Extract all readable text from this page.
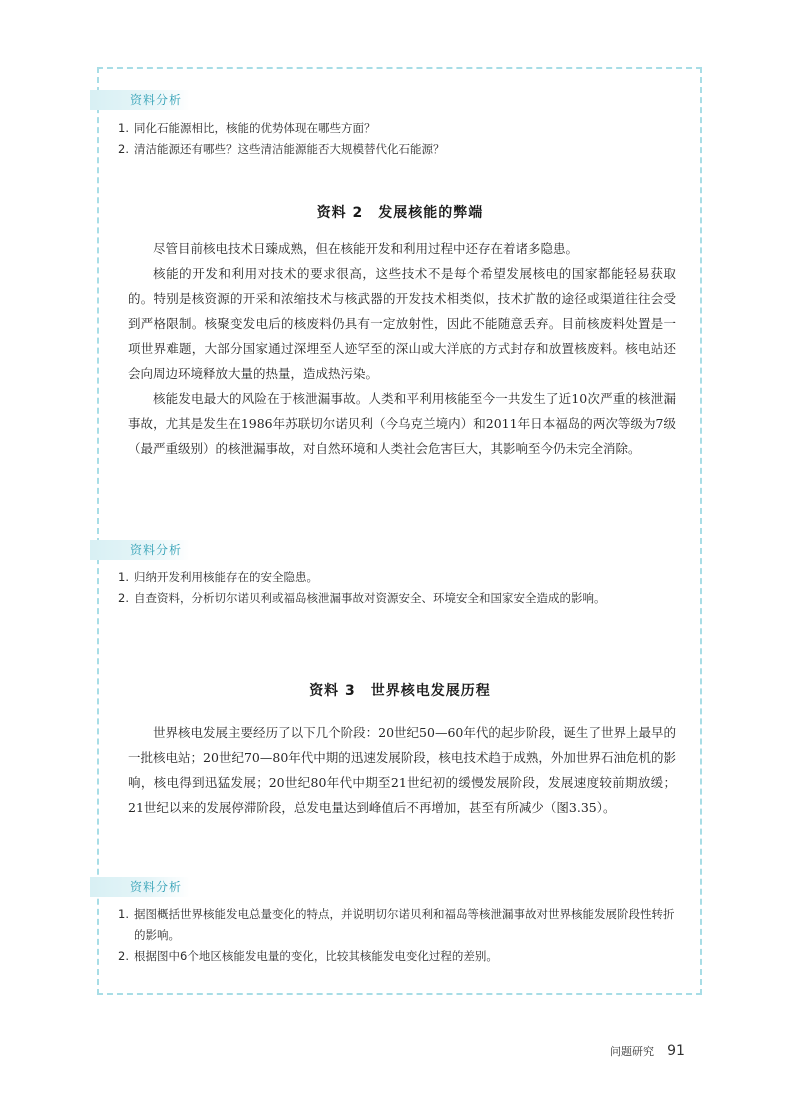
资料分析
1. 同化石能源相比，核能的优势体现在哪些方面？
2. 清洁能源还有哪些？这些清洁能源能否大规模替代化石能源？
资料 2　发展核能的弊端

尽管目前核电技术日臻成熟，但在核能开发和利用过程中还存在着诸多隐患。

核能的开发和利用对技术的要求很高，这些技术不是每个希望发展核电的国家都能轻易获取的。特别是核资源的开采和浓缩技术与核武器的开发技术相类似，技术扩散的途径或渠道往往会受到严格限制。核聚变发电后的核废料仍具有一定放射性，因此不能随意丢弃。目前核废料处置是一项世界难题，大部分国家通过深埋至人迹罕至的深山或大洋底的方式封存和放置核废料。核电站还会向周边环境释放大量的热量，造成热污染。

核能发电最大的风险在于核泄漏事故。人类和平利用核能至今一共发生了近10次严重的核泄漏事故，尤其是发生在1986年苏联切尔诺贝利（今乌克兰境内）和2011年日本福岛的两次等级为7级（最严重级别）的核泄漏事故，对自然环境和人类社会危害巨大，其影响至今仍未完全消除。

资料分析
1. 归纳开发利用核能存在的安全隐患。
2. 自查资料，分析切尔诺贝利或福岛核泄漏事故对资源安全、环境安全和国家安全造成的影响。
资料 3　世界核电发展历程

世界核电发展主要经历了以下几个阶段：20世纪50—60年代的起步阶段，诞生了世界上最早的一批核电站；20世纪70—80年代中期的迅速发展阶段，核电技术趋于成熟，外加世界石油危机的影响，核电得到迅猛发展；20世纪80年代中期至21世纪初的缓慢发展阶段，发展速度较前期放缓；21世纪以来的发展停滞阶段，总发电量达到峰值后不再增加，甚至有所减少（图3.35）。

资料分析
1. 据图概括世界核能发电总量变化的特点，并说明切尔诺贝利和福岛等核泄漏事故对世界核能发展阶段性转折的影响。
2. 根据图中6个地区核能发电量的变化，比较其核能发电变化过程的差别。
问题研究 91
